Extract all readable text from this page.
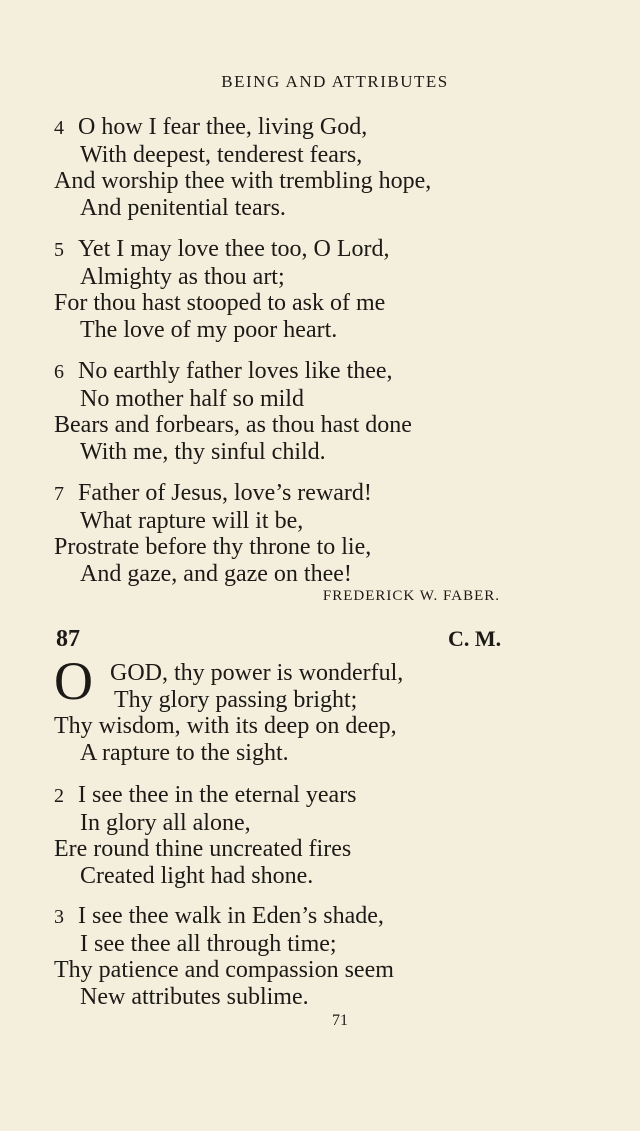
BEING AND ATTRIBUTES
4 O how I fear thee, living God,
With deepest, tenderest fears,
And worship thee with trembling hope,
And penitential tears.
5 Yet I may love thee too, O Lord,
Almighty as thou art;
For thou hast stooped to ask of me
The love of my poor heart.
6 No earthly father loves like thee,
No mother half so mild
Bears and forbears, as thou hast done
With me, thy sinful child.
7 Father of Jesus, love’s reward!
What rapture will it be,
Prostrate before thy throne to lie,
And gaze, and gaze on thee!
FREDERICK W. FABER.
87	C. M.
O GOD, thy power is wonderful,
Thy glory passing bright;
Thy wisdom, with its deep on deep,
A rapture to the sight.
2 I see thee in the eternal years
In glory all alone,
Ere round thine uncreated fires
Created light had shone.
3 I see thee walk in Eden’s shade,
I see thee all through time;
Thy patience and compassion seem
New attributes sublime.
71
